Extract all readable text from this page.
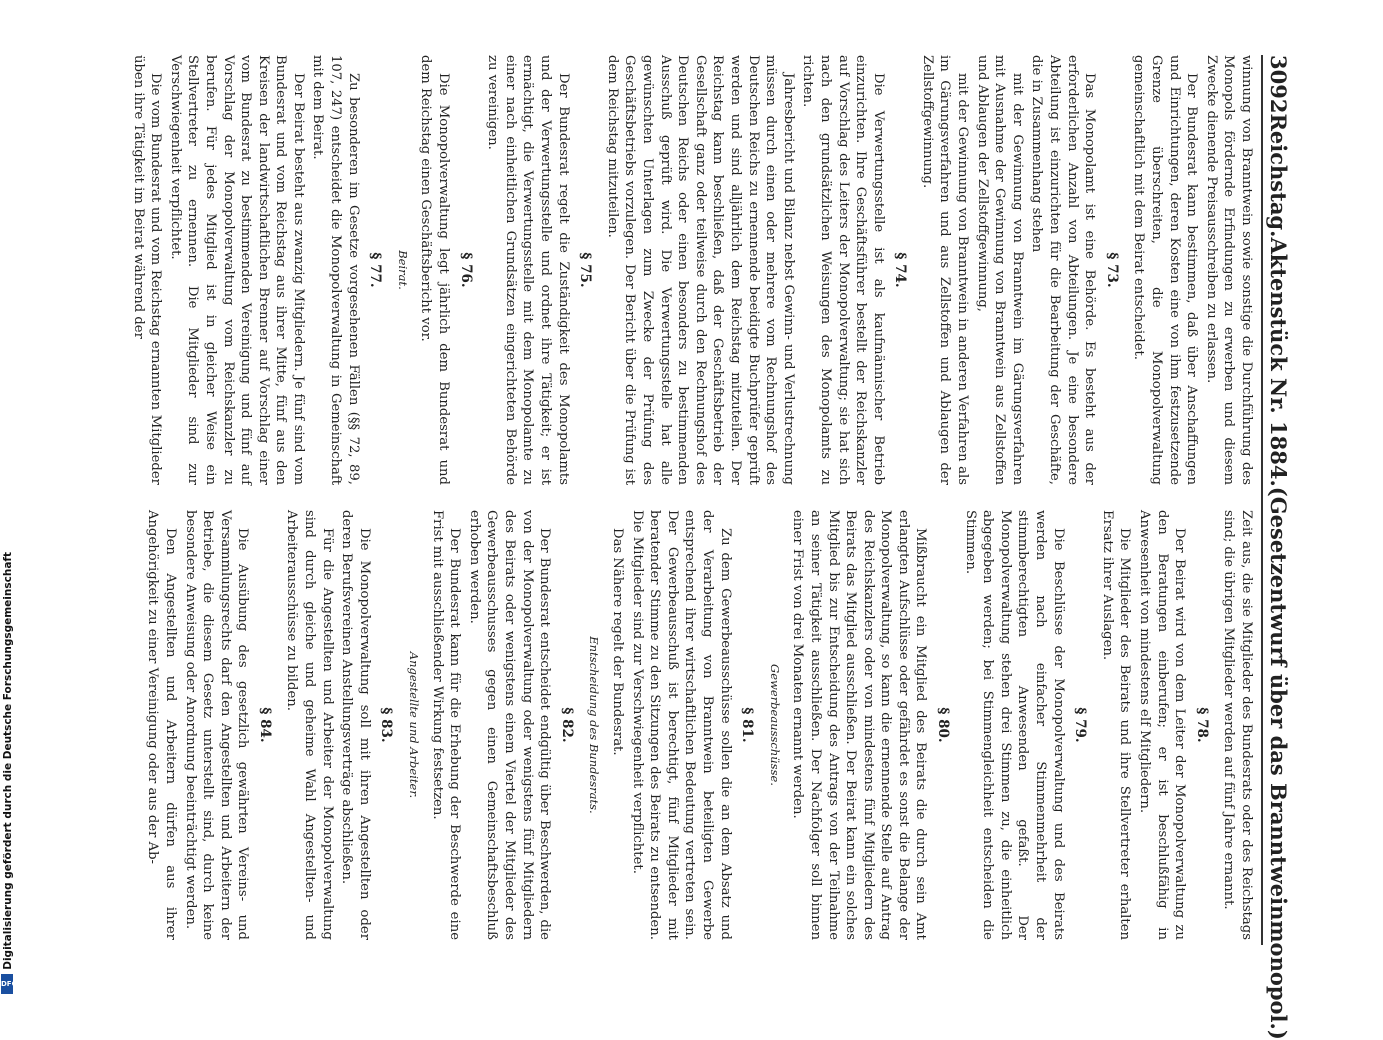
3092
Reichstag.
Aktenstück Nr. 1884.
(Gesetzentwurf über das Branntweinmonopol.)

winnung von Branntwein sowie sonstige die Durchführung des Monopols fördernde Erfindungen zu erwerben und diesem Zwecke dienende Preisausschreiben zu erlassen.

Der Bundesrat kann bestimmen, daß über Anschaffungen und Einrichtungen, deren Kosten eine von ihm festzusetzende Grenze überschreiten, die Monopolverwaltung gemeinschaftlich mit dem Beirat entscheidet.

§ 73.

Das Monopolamt ist eine Behörde. Es besteht aus der erforderlichen Anzahl von Abteilungen. Je eine besondere Abteilung ist einzurichten für die Bearbeitung der Geschäfte, die in Zusammenhang stehen

mit der Gewinnung von Branntwein im Gärungsverfahren mit Ausnahme der Gewinnung von Branntwein aus Zellstoffen und Ablaugen der Zellstoffgewinnung,

mit der Gewinnung von Branntwein in anderen Verfahren als im Gärungsverfahren und aus Zellstoffen und Ablaugen der Zellstoffgewinnung.

§ 74.

Die Verwertungsstelle ist als kaufmännischer Betrieb einzurichten. Ihre Geschäftsführer bestellt der Reichskanzler auf Vorschlag des Leiters der Monopolverwaltung; sie hat sich nach den grundsätzlichen Weisungen des Monopolamts zu richten.

Jahresbericht und Bilanz nebst Gewinn- und Verlustrechnung müssen durch einen oder mehrere vom Rechnungshof des Deutschen Reichs zu ernennende beeidigte Buchprüfer geprüft werden und sind alljährlich dem Reichstag mitzuteilen. Der Reichstag kann beschließen, daß der Geschäftsbetrieb der Gesellschaft ganz oder teilweise durch den Rechnungshof des Deutschen Reichs oder einen besonders zu bestimmenden Ausschuß geprüft wird. Die Verwertungsstelle hat alle gewünschten Unterlagen zum Zwecke der Prüfung des Geschäftsbetriebs vorzulegen. Der Bericht über die Prüfung ist dem Reichstag mitzuteilen.

§ 75.

Der Bundesrat regelt die Zuständigkeit des Monopolamts und der Verwertungsstelle und ordnet ihre Tätigkeit; er ist ermächtigt, die Verwertungsstelle mit dem Monopolamte zu einer nach einheitlichen Grundsätzen eingerichteten Behörde zu vereinigen.

§ 76.

Die Monopolverwaltung legt jährlich dem Bundesrat und dem Reichstag einen Geschäftsbericht vor.

Beirat.
§ 77.

Zu besonderen im Gesetze vorgesehenen Fällen (§§ 72, 89, 107, 247) entscheidet die Monopolverwaltung in Gemeinschaft mit dem Beirat.

Der Beirat besteht aus zwanzig Mitgliedern. Je fünf sind vom Bundesrat und vom Reichstag aus ihrer Mitte, fünf aus den Kreisen der landwirtschaftlichen Brenner auf Vorschlag einer vom Bundesrat zu bestimmenden Vereinigung und fünf auf Vorschlag der Monopolverwaltung vom Reichskanzler zu berufen. Für jedes Mitglied ist in gleicher Weise ein Stellvertreter zu ernennen. Die Mitglieder sind zur Verschwiegenheit verpflichtet.

Die vom Bundesrat und vom Reichstag ernannten Mitglieder üben ihre Tätigkeit im Beirat während der

Zeit aus, die sie Mitglieder des Bundesrats oder des Reichstags sind; die übrigen Mitglieder werden auf fünf Jahre ernannt.

§ 78.

Der Beirat wird von dem Leiter der Monopolverwaltung zu den Beratungen einberufen; er ist beschlußfähig in Anwesenheit von mindestens elf Mitgliedern.

Die Mitglieder des Beirats und ihre Stellvertreter erhalten Ersatz ihrer Auslagen.

§ 79.

Die Beschlüsse der Monopolverwaltung und des Beirats werden nach einfacher Stimmenmehrheit der stimmberechtigten Anwesenden gefaßt. Der Monopolverwaltung stehen drei Stimmen zu, die einheitlich abgegeben werden; bei Stimmengleichheit entscheiden die Stimmen.

§ 80.

Mißbraucht ein Mitglied des Beirats die durch sein Amt erlangten Aufschlüsse oder gefährdet es sonst die Belange der Monopolverwaltung, so kann die ernennende Stelle auf Antrag des Reichskanzlers oder von mindestens fünf Mitgliedern des Beirats das Mitglied ausschließen. Der Beirat kann ein solches Mitglied bis zur Entscheidung des Antrags von der Teilnahme an seiner Tätigkeit ausschließen. Der Nachfolger soll binnen einer Frist von drei Monaten ernannt werden.

Gewerbeausschüsse.
§ 81.

Zu dem Gewerbeausschüsse sollen die an dem Absatz und der Verarbeitung von Branntwein beteiligten Gewerbe entsprechend ihrer wirtschaftlichen Bedeutung vertreten sein. Der Gewerbeausschuß ist berechtigt, fünf Mitglieder mit beratender Stimme zu den Sitzungen des Beirats zu entsenden. Die Mitglieder sind zur Verschwiegenheit verpflichtet.

Das Nähere regelt der Bundesrat.

Entscheidung des Bundesrats.
§ 82.

Der Bundesrat entscheidet endgültig über Beschwerden, die von der Monopolverwaltung oder wenigstens fünf Mitgliedern des Beirats oder wenigstens einem Viertel der Mitglieder des Gewerbeausschusses gegen einen Gemeinschaftsbeschluß erhoben werden.

Der Bundesrat kann für die Erhebung der Beschwerde eine Frist mit ausschließender Wirkung festsetzen.

Angestellte und Arbeiter.
§ 83.

Die Monopolverwaltung soll mit ihren Angestellten oder deren Berufsvereinen Anstellungsverträge abschließen.

Für die Angestellten und Arbeiter der Monopolverwaltung sind durch gleiche und geheime Wahl Angestellten- und Arbeiterausschüsse zu bilden.

§ 84.

Die Ausübung des gesetzlich gewährten Vereins- und Versammlungsrechts darf den Angestellten und Arbeitern der Betriebe, die diesem Gesetz unterstellt sind, durch keine besondere Anweisung oder Anordnung beeinträchtigt werden.

Den Angestellten und Arbeitern dürfen aus ihrer Angehörigkeit zu einer Vereinigung oder aus der Ab-

Digitalisierung gefördert durch die Deutsche Forschungsgemeinschaft
DFG
